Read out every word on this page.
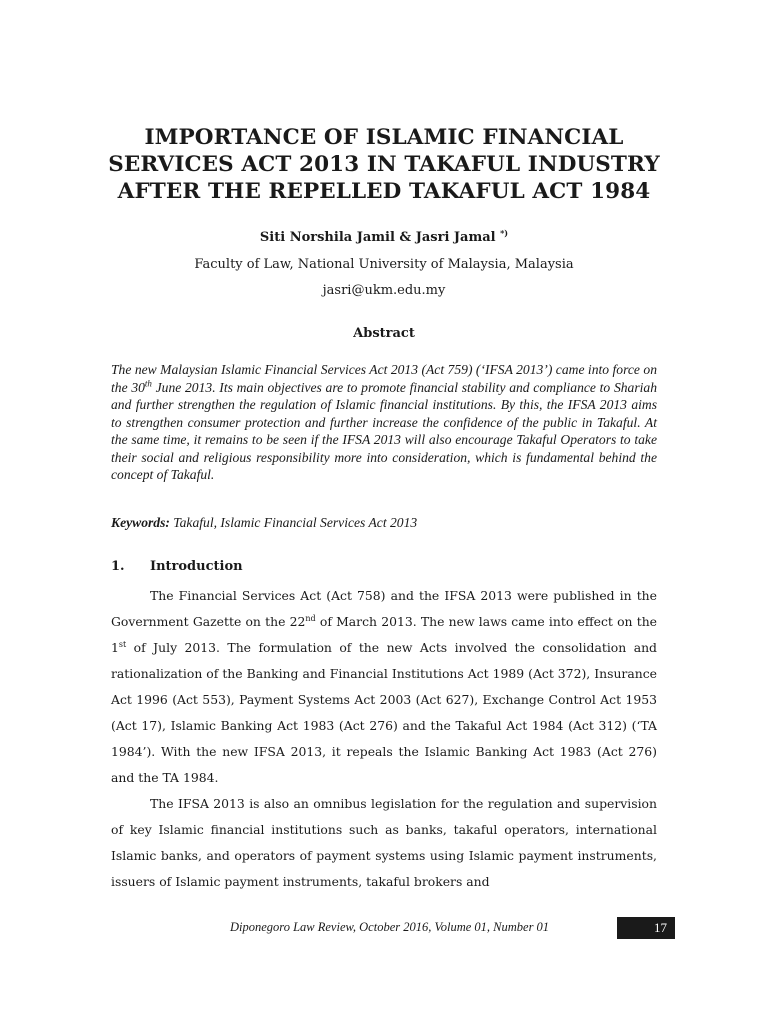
IMPORTANCE OF ISLAMIC FINANCIAL
SERVICES ACT 2013 IN TAKAFUL INDUSTRY
AFTER THE REPELLED TAKAFUL ACT 1984
Siti Norshila Jamil & Jasri Jamal *)
Faculty of Law, National University of Malaysia, Malaysia
jasri@ukm.edu.my
Abstract
The new Malaysian Islamic Financial Services Act 2013 (Act 759) (‘IFSA 2013’) came into force on the 30th June 2013. Its main objectives are to promote financial stability and compliance to Shariah and further strengthen the regulation of Islamic financial institutions. By this, the IFSA 2013 aims to strengthen consumer protection and further increase the confidence of the public in Takaful. At the same time, it remains to be seen if the IFSA 2013 will also encourage Takaful Operators to take their social and religious responsibility more into consideration, which is fundamental behind the concept of Takaful.
Keywords: Takaful, Islamic Financial Services Act 2013
1. Introduction

The Financial Services Act (Act 758) and the IFSA 2013 were published in the Government Gazette on the 22nd of March 2013. The new laws came into effect on the 1st of July 2013. The formulation of the new Acts involved the consolidation and rationalization of the Banking and Financial Institutions Act 1989 (Act 372), Insurance Act 1996 (Act 553), Payment Systems Act 2003 (Act 627), Exchange Control Act 1953 (Act 17), Islamic Banking Act 1983 (Act 276) and the Takaful Act 1984 (Act 312) (‘TA 1984’). With the new IFSA 2013, it repeals the Islamic Banking Act 1983 (Act 276) and the TA 1984.

The IFSA 2013 is also an omnibus legislation for the regulation and supervision of key Islamic financial institutions such as banks, takaful operators, international Islamic banks, and operators of payment systems using Islamic payment instruments, issuers of Islamic payment instruments, takaful brokers and

Diponegoro Law Review, October 2016, Volume 01, Number 01	17
